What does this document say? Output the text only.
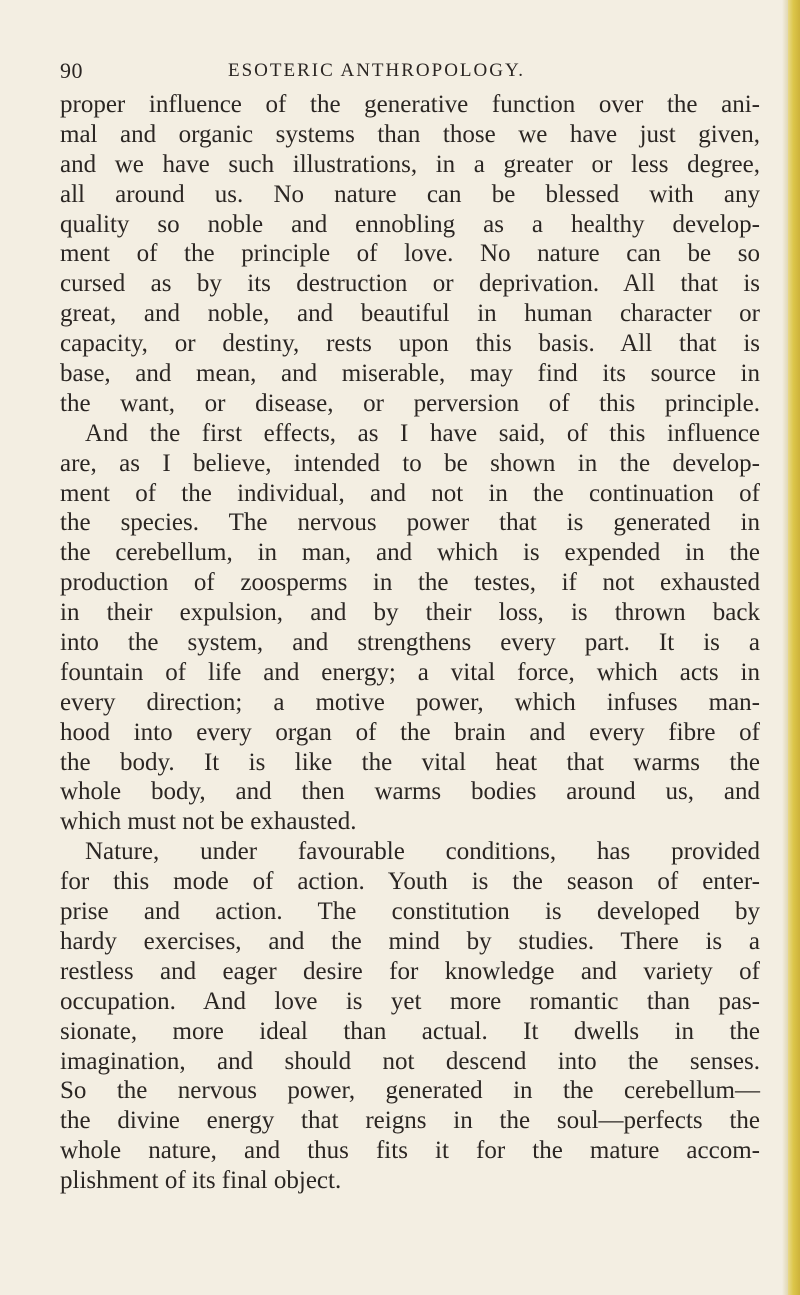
90	ESOTERIC ANTHROPOLOGY.
proper influence of the generative function over the ani-
mal and organic systems than those we have just given,
and we have such illustrations, in a greater or less degree,
all around us. No nature can be blessed with any
quality so noble and ennobling as a healthy develop-
ment of the principle of love. No nature can be so
cursed as by its destruction or deprivation. All that is
great, and noble, and beautiful in human character or
capacity, or destiny, rests upon this basis. All that is
base, and mean, and miserable, may find its source in
the want, or disease, or perversion of this principle.
And the first effects, as I have said, of this influence
are, as I believe, intended to be shown in the develop-
ment of the individual, and not in the continuation of
the species. The nervous power that is generated in
the cerebellum, in man, and which is expended in the
production of zoosperms in the testes, if not exhausted
in their expulsion, and by their loss, is thrown back
into the system, and strengthens every part. It is a
fountain of life and energy; a vital force, which acts in
every direction; a motive power, which infuses man-
hood into every organ of the brain and every fibre of
the body. It is like the vital heat that warms the
whole body, and then warms bodies around us, and
which must not be exhausted.
Nature, under favourable conditions, has provided
for this mode of action. Youth is the season of enter-
prise and action. The constitution is developed by
hardy exercises, and the mind by studies. There is a
restless and eager desire for knowledge and variety of
occupation. And love is yet more romantic than pas-
sionate, more ideal than actual. It dwells in the
imagination, and should not descend into the senses.
So the nervous power, generated in the cerebellum—
the divine energy that reigns in the soul—perfects the
whole nature, and thus fits it for the mature accom-
plishment of its final object.
